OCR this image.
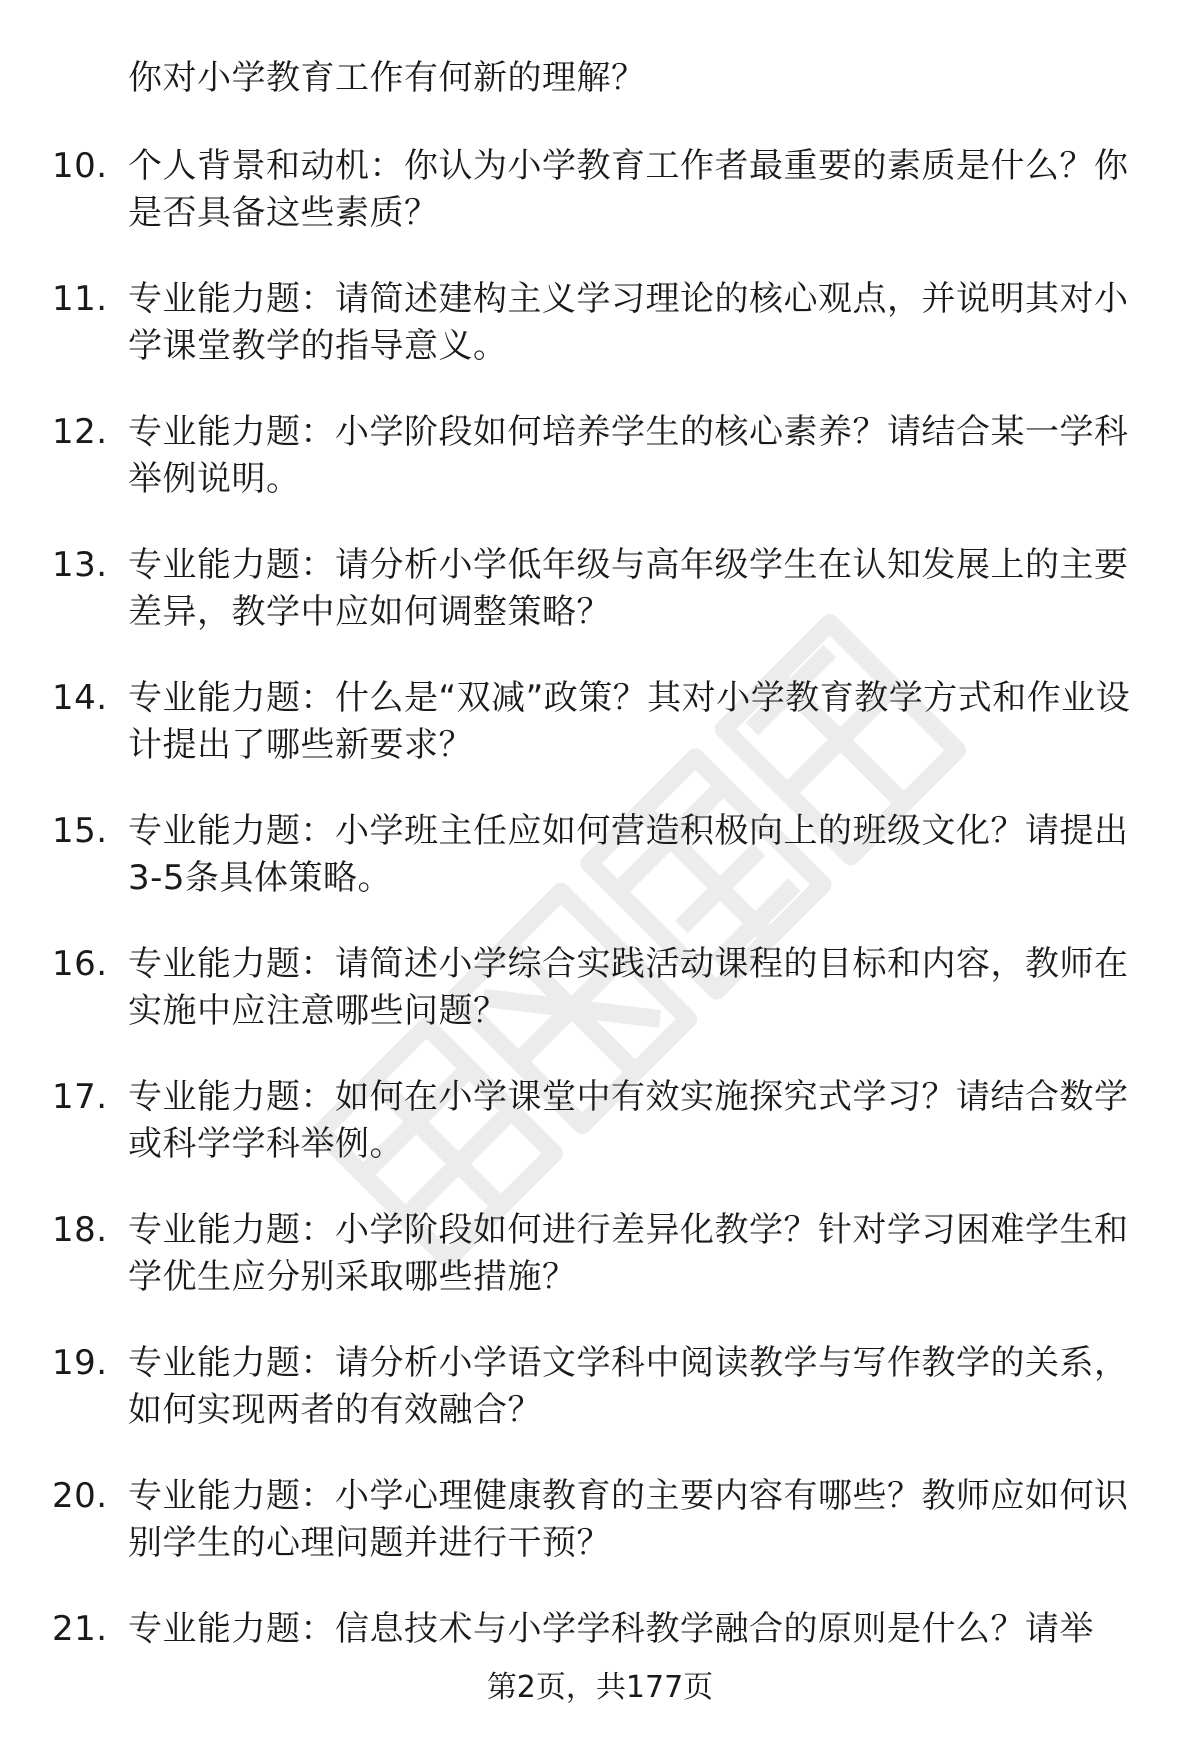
你对小学教育工作有何新的理解？
10. 个人背景和动机：你认为小学教育工作者最重要的素质是什么？你是否具备这些素质？
11. 专业能力题：请简述建构主义学习理论的核心观点，并说明其对小学课堂教学的指导意义。
12. 专业能力题：小学阶段如何培养学生的核心素养？请结合某一学科举例说明。
13. 专业能力题：请分析小学低年级与高年级学生在认知发展上的主要差异，教学中应如何调整策略？
14. 专业能力题：什么是“双减”政策？其对小学教育教学方式和作业设计提出了哪些新要求？
15. 专业能力题：小学班主任应如何营造积极向上的班级文化？请提出3-5条具体策略。
16. 专业能力题：请简述小学综合实践活动课程的目标和内容，教师在实施中应注意哪些问题？
17. 专业能力题：如何在小学课堂中有效实施探究式学习？请结合数学或科学学科举例。
18. 专业能力题：小学阶段如何进行差异化教学？针对学习困难学生和学优生应分别采取哪些措施？
19. 专业能力题：请分析小学语文学科中阅读教学与写作教学的关系，如何实现两者的有效融合？
20. 专业能力题：小学心理健康教育的主要内容有哪些？教师应如何识别学生的心理问题并进行干预？
21. 专业能力题：信息技术与小学学科教学融合的原则是什么？请举
第2页，共177页
